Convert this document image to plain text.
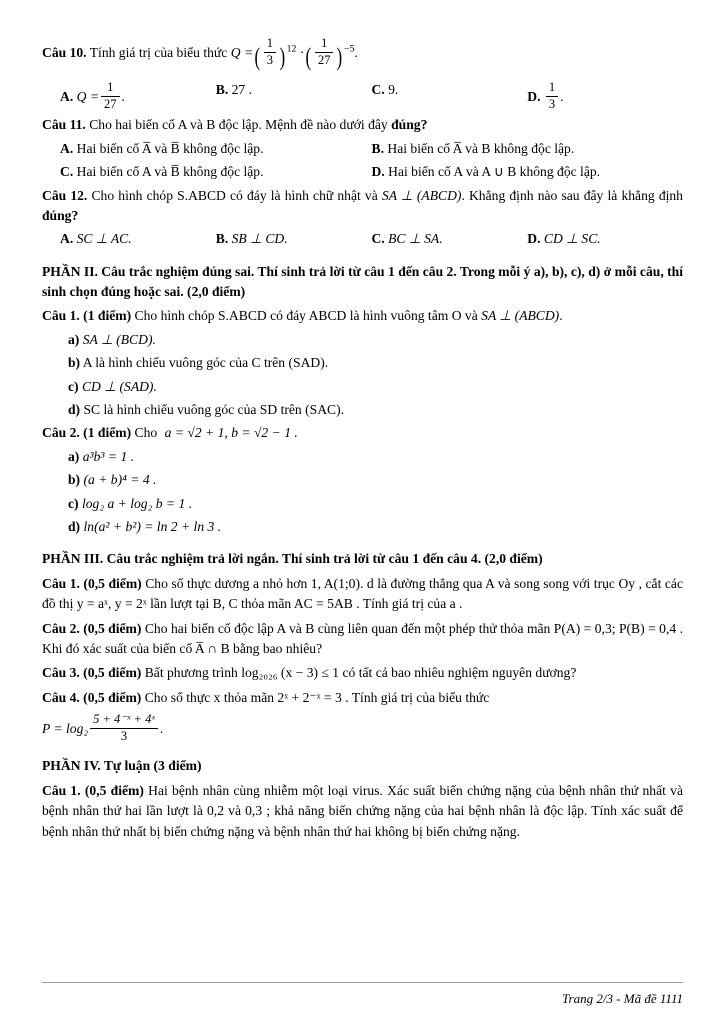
Câu 10. Tính giá trị của biểu thức Q =( $\frac{1}{3} )^{12}$ ·( $\frac{1}{27} )^{-5}$.
A. $Q = \frac{1}{27}$ .	B. 27 .	C. 9.	D. $\frac{1}{3}$ .
Câu 11. Cho hai biến cố A và B độc lập. Mệnh đề nào dưới đây đúng?
A. Hai biến cố A̅ và B̅ không độc lập.	B. Hai biến cố A̅ và B không độc lập.
C. Hai biến cố A và B̅ không độc lập.	D. Hai biến cố A và A ∪ B không độc lập.
Câu 12. Cho hình chóp S.ABCD có đáy là hình chữ nhật và SA ⊥ (ABCD). Khẳng định nào sau đây là khẳng định đúng?
A. SC ⊥ AC.	B. SB ⊥ CD.	C. BC ⊥ SA.	D. CD ⊥ SC.
PHẦN II. Câu trắc nghiệm đúng sai. Thí sinh trả lời từ câu 1 đến câu 2. Trong mỗi ý a), b), c), d) ở mỗi câu, thí sinh chọn đúng hoặc sai. (2,0 điểm)
Câu 1. (1 điểm) Cho hình chóp S.ABCD có đáy ABCD là hình vuông tâm O và SA ⊥ (ABCD).
a) SA ⊥ (BCD).
b) A là hình chiếu vuông góc của C trên (SAD).
c) CD ⊥ (SAD).
d) SC là hình chiếu vuông góc của SD trên (SAC).
Câu 2. (1 điểm) Cho a = √2 + 1, b = √2 − 1 .
a) a³b³ = 1 .
b) (a + b)⁴ = 4 .
c) log₂ a + log₂ b = 1 .
d) ln(a² + b²) = ln 2 + ln 3 .
PHẦN III. Câu trắc nghiệm trả lời ngắn. Thí sinh trả lời từ câu 1 đến câu 4. (2,0 điểm)
Câu 1. (0,5 điểm) Cho số thực dương a nhỏ hơn 1, A(1;0). d là đường thẳng qua A và song song với trục Oy , cắt các đồ thị y = aˣ, y = 2ˣ lần lượt tại B, C thỏa mãn AC = 5AB . Tính giá trị của a .
Câu 2. (0,5 điểm) Cho hai biến cố độc lập A và B cùng liên quan đến một phép thử thỏa mãn P(A) = 0,3; P(B) = 0,4 . Khi đó xác suất của biến cố A̅ ∩ B bằng bao nhiêu?
Câu 3. (0,5 điểm) Bất phương trình log₂₀₂₆ (x − 3) ≤ 1 có tất cả bao nhiêu nghiệm nguyên dương?
Câu 4. (0,5 điểm) Cho số thực x thỏa mãn 2ˣ + 2⁻ˣ = 3 . Tính giá trị của biểu thức
$P = \log_2 \frac{\text{5 + 4⁻ˣ + 4ˣ}}{3}$ .
PHẦN IV. Tự luận (3 điểm)
Câu 1. (0,5 điểm) Hai bệnh nhân cùng nhiễm một loại virus. Xác suất biến chứng nặng của bệnh nhân thứ nhất và bệnh nhân thứ hai lần lượt là 0,2 và 0,3 ; khả năng biến chứng nặng của hai bệnh nhân là độc lập. Tính xác suất để bệnh nhân thứ nhất bị biến chứng nặng và bệnh nhân thứ hai không bị biến chứng nặng.
Trang 2/3 - Mã đề 1111
